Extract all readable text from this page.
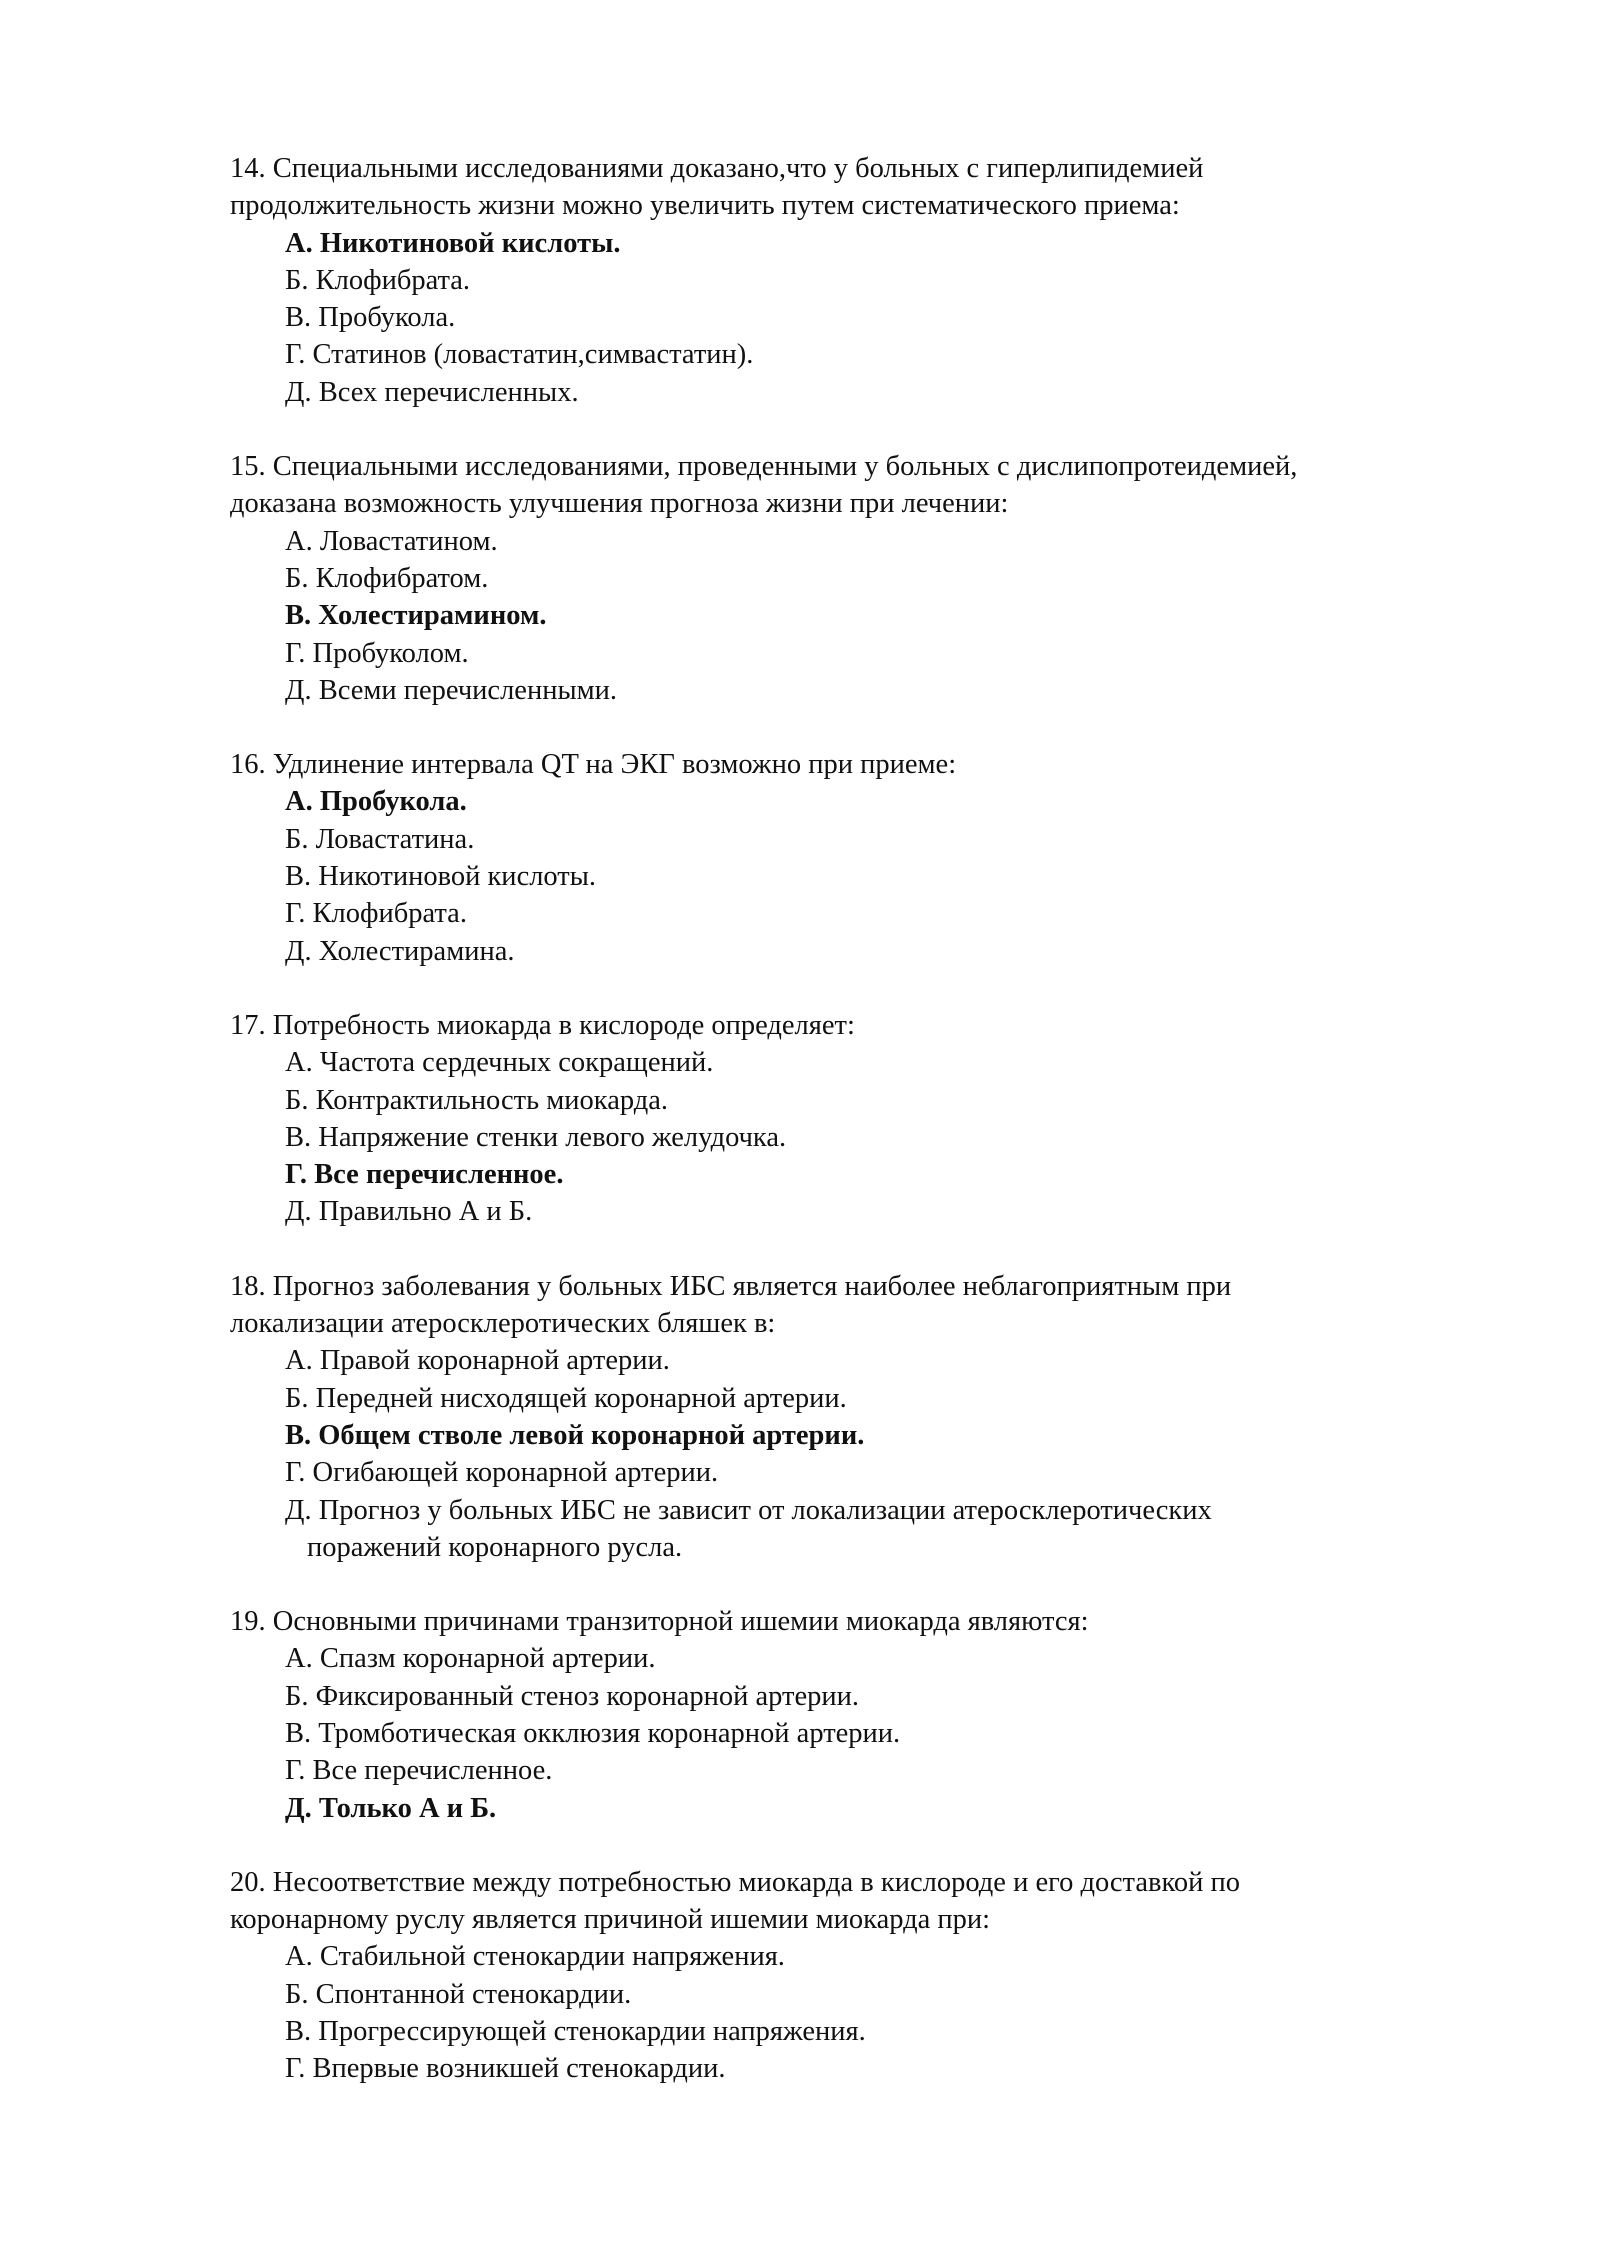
14. Специальными исследованиями доказано,что у больных с гиперлипидемией
продолжительность жизни можно увеличить путем систематического приема:
А. Никотиновой кислоты.
Б. Клофибрата.
В. Пробукола.
Г. Статинов (ловастатин,симвастатин).
Д. Всех перечисленных.
15. Специальными исследованиями, проведенными у больных с дислипопротеидемией,
доказана возможность улучшения прогноза жизни при лечении:
А. Ловастатином.
Б. Клофибратом.
В. Холестирамином.
Г. Пробуколом.
Д. Всеми перечисленными.
16. Удлинение интервала QT на ЭКГ возможно при приеме:
А. Пробукола.
Б. Ловастатина.
В. Никотиновой кислоты.
Г. Клофибрата.
Д. Холестирамина.
17. Потребность миокарда в кислороде определяет:
А. Частота сердечных сокращений.
Б. Контрактильность миокарда.
В. Напряжение стенки левого желудочка.
Г. Все перечисленное.
Д. Правильно А и Б.
18. Прогноз заболевания у больных ИБС является наиболее неблагоприятным при
локализации атеросклеротических бляшек в:
А. Правой коронарной артерии.
Б. Передней нисходящей коронарной артерии.
В. Общем стволе левой коронарной артерии.
Г. Огибающей коронарной артерии.
Д. Прогноз у больных ИБС не зависит от локализации атеросклеротических
поражений коронарного русла.
19. Основными причинами транзиторной ишемии миокарда являются:
А. Спазм коронарной артерии.
Б. Фиксированный стеноз коронарной артерии.
В. Тромботическая окклюзия коронарной артерии.
Г. Все перечисленное.
Д. Только А и Б.
20. Несоответствие между потребностью миокарда в кислороде и его доставкой по
коронарному руслу является причиной ишемии миокарда при:
А. Стабильной стенокардии напряжения.
Б. Спонтанной стенокардии.
В. Прогрессирующей стенокардии напряжения.
Г. Впервые возникшей стенокардии.
